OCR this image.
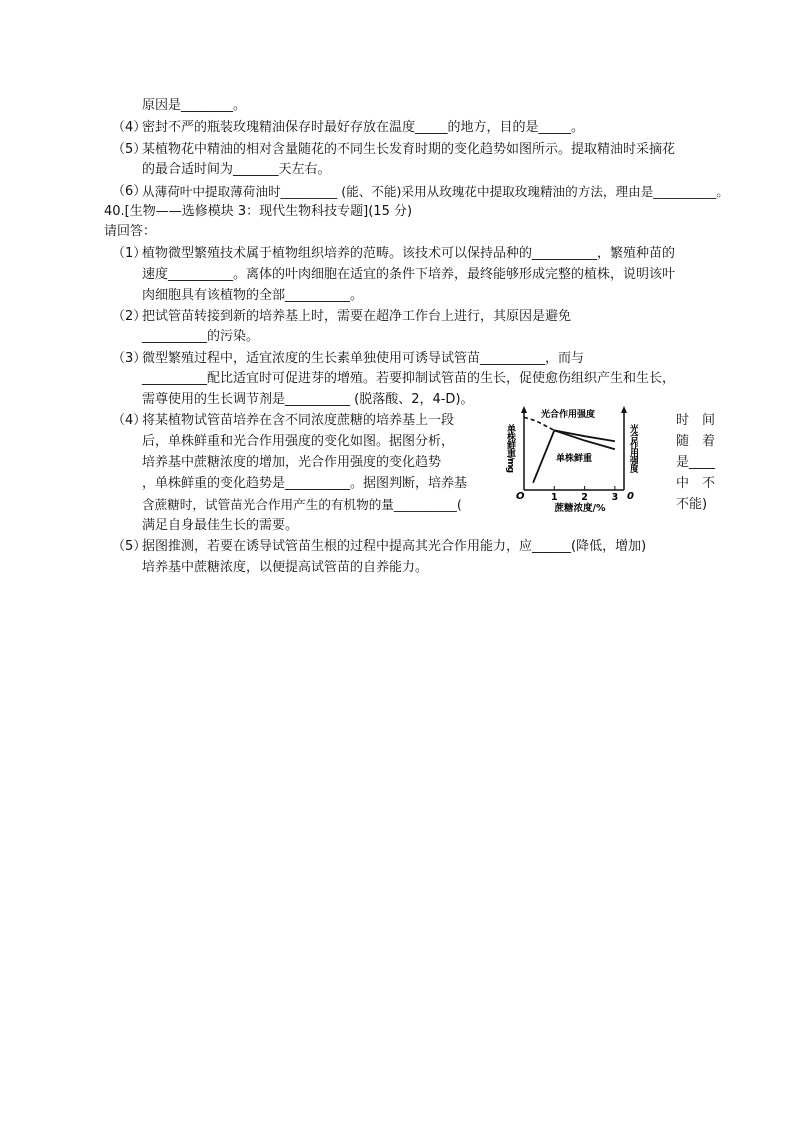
原因是________。
（4）
密封不严的瓶装玫瑰精油保存时最好存放在温度_____的地方，目的是_____。
（5）
某植物花中精油的相对含量随花的不同生长发育时期的变化趋势如图所示。提取精油时采摘花
的最合适时间为_______天左右。
（6）
从薄荷叶中提取薄荷油时_________ (能、不能)采用从玫瑰花中提取玫瑰精油的方法，理由是__________。
40.[生物——选修模块 3：现代生物科技专题](15 分)
请回答：
（1）
植物微型繁殖技术属于植物组织培养的范畴。该技术可以保持品种的__________，繁殖种苗的
速度__________。离体的叶肉细胞在适宜的条件下培养，最终能够形成完整的植株，说明该叶
肉细胞具有该植物的全部__________。
（2）
把试管苗转接到新的培养基上时，需要在超净工作台上进行，其原因是避免
__________的污染。
（3）
微型繁殖过程中，适宜浓度的生长素单独使用可诱导试管苗__________，而与
__________配比适宜时可促进芽的增殖。若要抑制试管苗的生长，促使愈伤组织产生和生长，
需尊使用的生长调节剂是__________ (脱落酸、2，4-D)。
（4）
将某植物试管苗培养在含不同浓度蔗糖的培养基上一段
后，单株鲜重和光合作用强度的变化如图。据图分析，
培养基中蔗糖浓度的增加，光合作用强度的变化趋势
，单株鲜重的变化趋势是__________。据图判断，培养基
含蔗糖时，试管苗光合作用产生的有机物的量__________(
时　间
随　着
是____
中　不
不能)
满足自身最佳生长的需要。
（5）
据图推测，若要在诱导试管苗生根的过程中提高其光合作用能力，应______(降低，增加)
培养基中蔗糖浓度，以便提高试管苗的自养能力。
单株鲜重/mg	光合作用强度
蔗糖浓度/%
O	0
1 2 3
光合作用强度
单株鲜重
